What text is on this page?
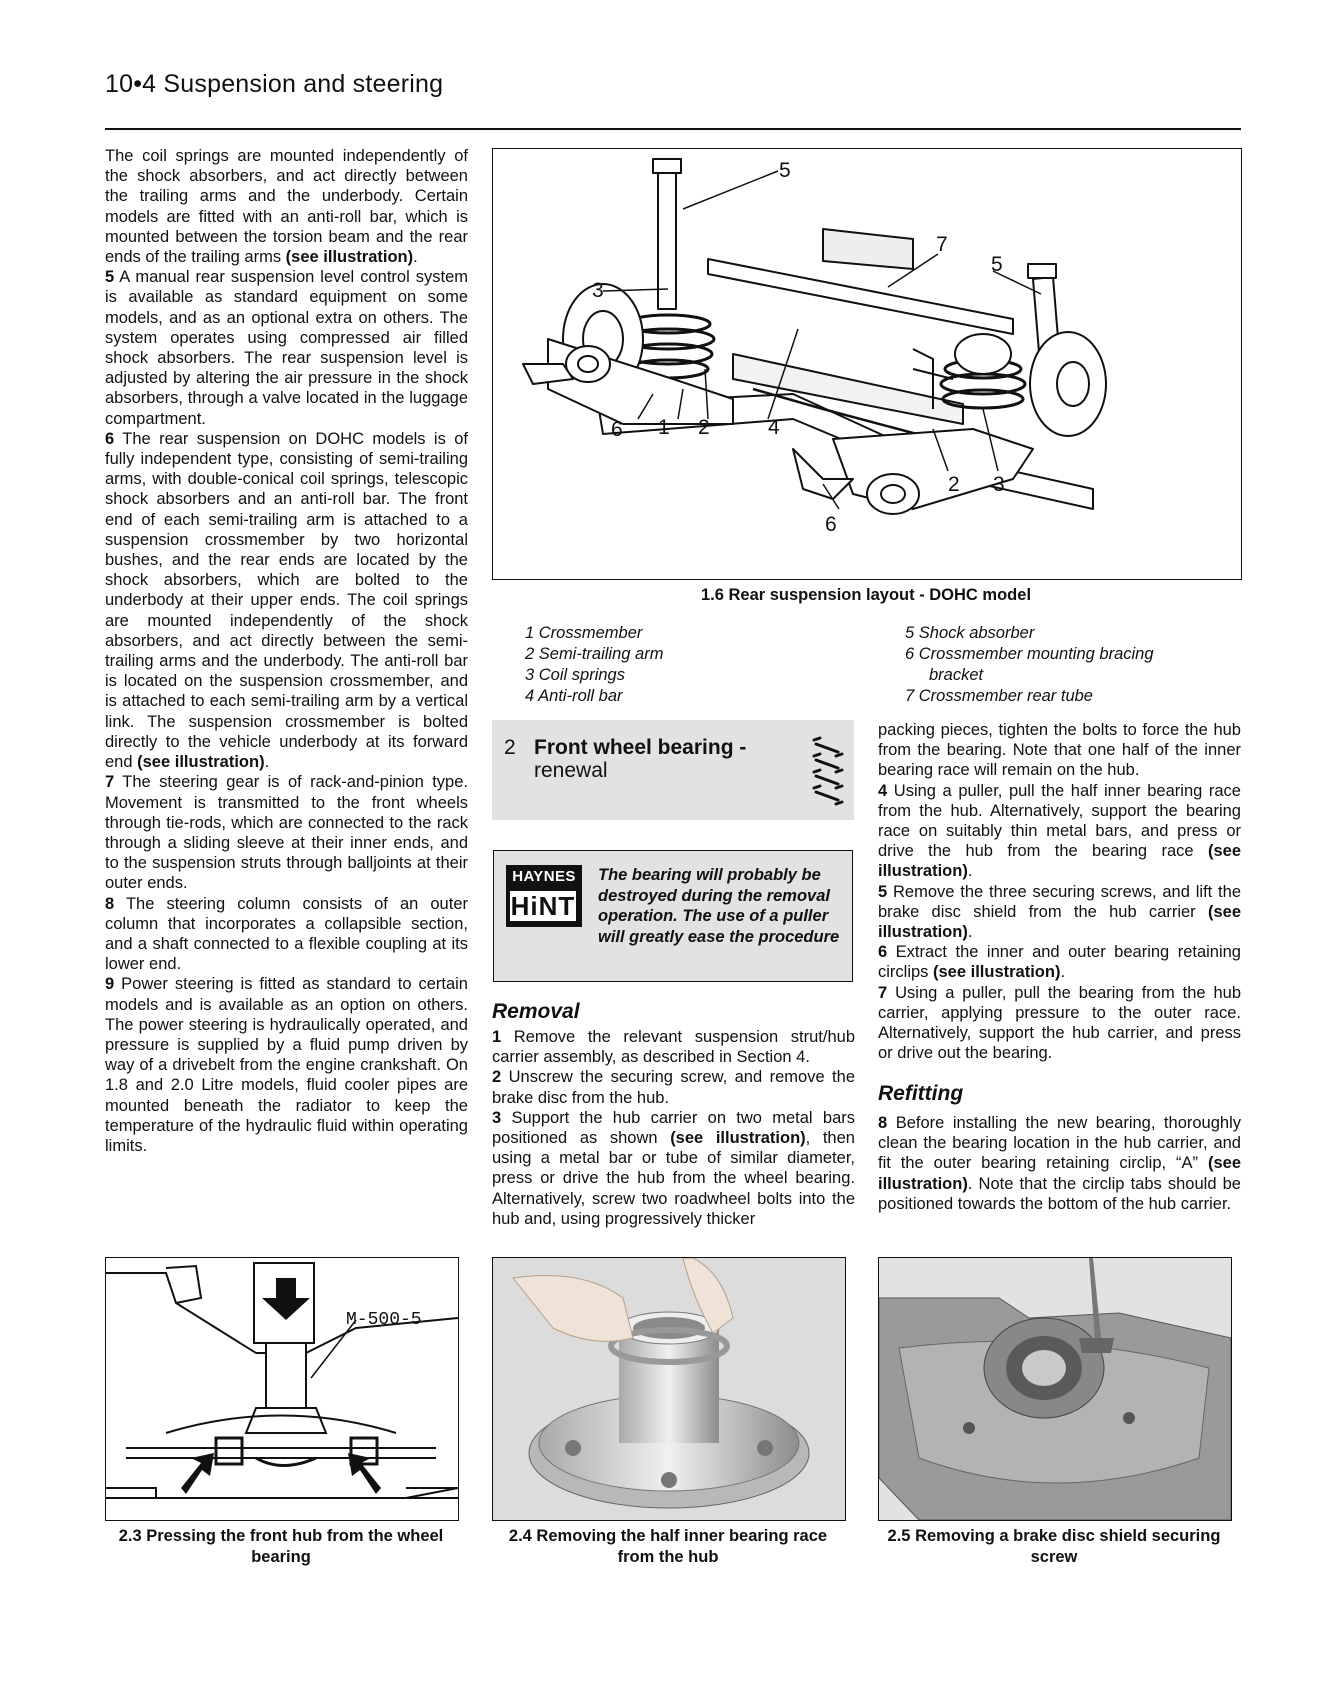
10•4 Suspension and steering

The coil springs are mounted independently of the shock absorbers, and act directly between the trailing arms and the underbody. Certain models are fitted with an anti-roll bar, which is mounted between the torsion beam and the rear ends of the trailing arms (see illustration).

5 A manual rear suspension level control system is available as standard equipment on some models, and as an optional extra on others. The system operates using compressed air filled shock absorbers. The rear suspension level is adjusted by altering the air pressure in the shock absorbers, through a valve located in the luggage compartment.

6 The rear suspension on DOHC models is of fully independent type, consisting of semi-trailing arms, with double-conical coil springs, telescopic shock absorbers and an anti-roll bar. The front end of each semi-trailing arm is attached to a suspension crossmember by two horizontal bushes, and the rear ends are located by the shock absorbers, which are bolted to the underbody at their upper ends. The coil springs are mounted independently of the shock absorbers, and act directly between the semi-trailing arms and the underbody. The anti-roll bar is located on the suspension crossmember, and is attached to each semi-trailing arm by a vertical link. The suspension crossmember is bolted directly to the vehicle underbody at its forward end (see illustration).

7 The steering gear is of rack-and-pinion type. Movement is transmitted to the front wheels through tie-rods, which are connected to the rack through a sliding sleeve at their inner ends, and to the suspension struts through balljoints at their outer ends.

8 The steering column consists of an outer column that incorporates a collapsible section, and a shaft connected to a flexible coupling at its lower end.

9 Power steering is fitted as standard to certain models and is available as an option on others. The power steering is hydraulically operated, and pressure is supplied by a fluid pump driven by way of a drivebelt from the engine crankshaft. On 1.8 and 2.0 Litre models, fluid cooler pipes are mounted beneath the radiator to keep the temperature of the hydraulic fluid within operating limits.

5
7
5
3
6 1 2	4
2 3
6
1.6 Rear suspension layout - DOHC model
1 Crossmember
2 Semi-trailing arm
3 Coil springs
4 Anti-roll bar
5 Shock absorber
6 Crossmember mounting bracing
bracket
7 Crossmember rear tube
2 Front wheel bearing -
renewal
HAYNES
HiNT
The bearing will probably be destroyed during the removal operation. The use of a puller will greatly ease the procedure
Removal

1 Remove the relevant suspension strut/hub carrier assembly, as described in Section 4.

2 Unscrew the securing screw, and remove the brake disc from the hub.

3 Support the hub carrier on two metal bars positioned as shown (see illustration), then using a metal bar or tube of similar diameter, press or drive the hub from the wheel bearing. Alternatively, screw two roadwheel bolts into the hub and, using progressively thicker

packing pieces, tighten the bolts to force the hub from the bearing. Note that one half of the inner bearing race will remain on the hub.

4 Using a puller, pull the half inner bearing race from the hub. Alternatively, support the bearing race on suitably thin metal bars, and press or drive the hub from the bearing race (see illustration).

5 Remove the three securing screws, and lift the brake disc shield from the hub carrier (see illustration).

6 Extract the inner and outer bearing retaining circlips (see illustration).

7 Using a puller, pull the bearing from the hub carrier, applying pressure to the outer race. Alternatively, support the hub carrier, and press or drive out the bearing.

Refitting

8 Before installing the new bearing, thoroughly clean the bearing location in the hub carrier, and fit the outer bearing retaining circlip, “A” (see illustration). Note that the circlip tabs should be positioned towards the bottom of the hub carrier.

M-500-5
2.3 Pressing the front hub from the wheel bearing
2.4 Removing the half inner bearing race from the hub
2.5 Removing a brake disc shield securing screw
